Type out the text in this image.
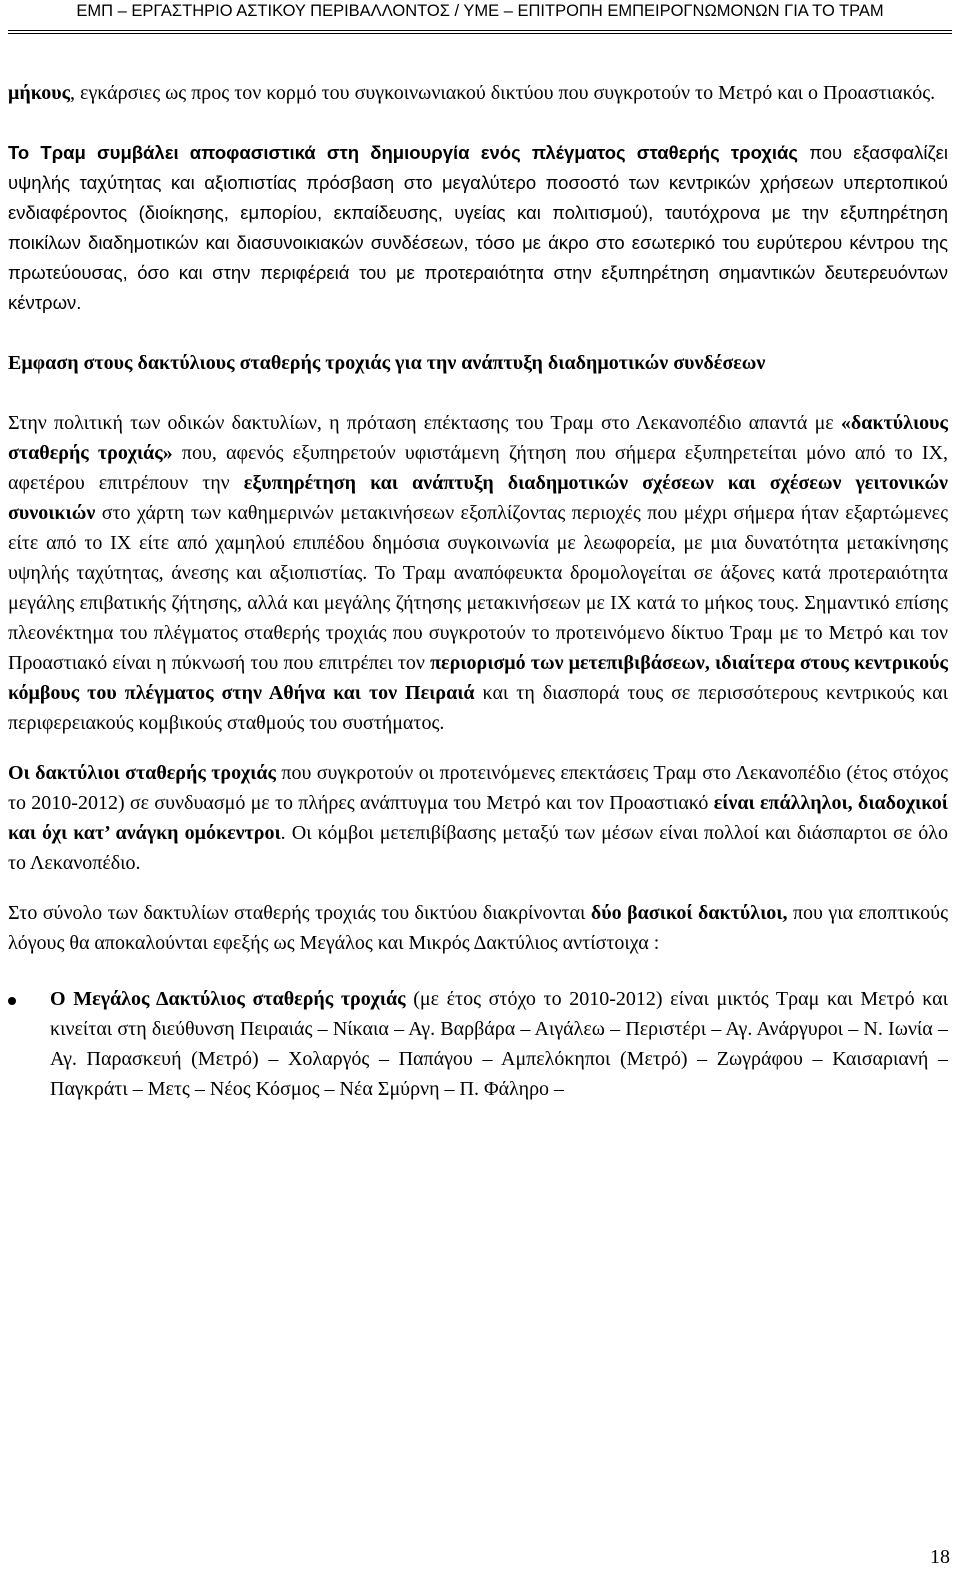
ΕΜΠ – ΕΡΓΑΣΤΗΡΙΟ ΑΣΤΙΚΟΥ ΠΕΡΙΒΑΛΛΟΝΤΟΣ / ΥΜΕ – ΕΠΙΤΡΟΠΗ ΕΜΠΕΙΡΟΓΝΩΜΟΝΩΝ ΓΙΑ ΤΟ ΤΡΑΜ

μήκους, εγκάρσιες ως προς τον κορμό του συγκοινωνιακού δικτύου που συγκροτούν το Μετρό και ο Προαστιακός.

Το Τραμ συμβάλει αποφασιστικά στη δημιουργία ενός πλέγματος σταθερής τροχιάς που εξασφαλίζει υψηλής ταχύτητας και αξιοπιστίας πρόσβαση στο μεγαλύτερο ποσοστό των κεντρικών χρήσεων υπερτοπικού ενδιαφέροντος (διοίκησης, εμπορίου, εκπαίδευσης, υγείας και πολιτισμού), ταυτόχρονα με την εξυπηρέτηση ποικίλων διαδημοτικών και διασυνοικιακών συνδέσεων, τόσο με άκρο στο εσωτερικό του ευρύτερου κέντρου της πρωτεύουσας, όσο και στην περιφέρειά του με προτεραιότητα στην εξυπηρέτηση σημαντικών δευτερευόντων κέντρων.

Εμφαση στους δακτύλιους σταθερής τροχιάς για την ανάπτυξη διαδημοτικών συνδέσεων

Στην πολιτική των οδικών δακτυλίων, η πρόταση επέκτασης του Τραμ στο Λεκανοπέδιο απαντά με «δακτύλιους σταθερής τροχιάς» που, αφενός εξυπηρετούν υφιστάμενη ζήτηση που σήμερα εξυπηρετείται μόνο από το ΙΧ, αφετέρου επιτρέπουν την εξυπηρέτηση και ανάπτυξη διαδημοτικών σχέσεων και σχέσεων γειτονικών συνοικιών στο χάρτη των καθημερινών μετακινήσεων εξοπλίζοντας περιοχές που μέχρι σήμερα ήταν εξαρτώμενες είτε από το ΙΧ είτε από χαμηλού επιπέδου δημόσια συγκοινωνία με λεωφορεία, με μια δυνατότητα μετακίνησης υψηλής ταχύτητας, άνεσης και αξιοπιστίας. Το Τραμ αναπόφευκτα δρομολογείται σε άξονες κατά προτεραιότητα μεγάλης επιβατικής ζήτησης, αλλά και μεγάλης ζήτησης μετακινήσεων με ΙΧ κατά το μήκος τους. Σημαντικό επίσης πλεονέκτημα του πλέγματος σταθερής τροχιάς που συγκροτούν το προτεινόμενο δίκτυο Τραμ με το Μετρό και τον Προαστιακό είναι η πύκνωσή του που επιτρέπει τον περιορισμό των μετεπιβιβάσεων, ιδιαίτερα στους κεντρικούς κόμβους του πλέγματος στην Αθήνα και τον Πειραιά και τη διασπορά τους σε περισσότερους κεντρικούς και περιφερειακούς κομβικούς σταθμούς του συστήματος.

Οι δακτύλιοι σταθερής τροχιάς που συγκροτούν οι προτεινόμενες επεκτάσεις Τραμ στο Λεκανοπέδιο (έτος στόχος το 2010-2012) σε συνδυασμό με το πλήρες ανάπτυγμα του Μετρό και τον Προαστιακό είναι επάλληλοι, διαδοχικοί και όχι κατ’ ανάγκη ομόκεντροι. Οι κόμβοι μετεπιβίβασης μεταξύ των μέσων είναι πολλοί και διάσπαρτοι σε όλο το Λεκανοπέδιο.

Στο σύνολο των δακτυλίων σταθερής τροχιάς του δικτύου διακρίνονται δύο βασικοί δακτύλιοι, που για εποπτικούς λόγους θα αποκαλούνται εφεξής ως Μεγάλος και Μικρός Δακτύλιος αντίστοιχα :

Ο Μεγάλος Δακτύλιος σταθερής τροχιάς (με έτος στόχο το 2010-2012) είναι μικτός Τραμ και Μετρό και κινείται στη διεύθυνση Πειραιάς – Νίκαια – Αγ. Βαρβάρα – Αιγάλεω – Περιστέρι – Αγ. Ανάργυροι – Ν. Ιωνία – Αγ. Παρασκευή (Μετρό) – Χολαργός – Παπάγου – Αμπελόκηποι (Μετρό) – Ζωγράφου – Καισαριανή – Παγκράτι – Μετς – Νέος Κόσμος – Νέα Σμύρνη – Π. Φάληρο –
18
